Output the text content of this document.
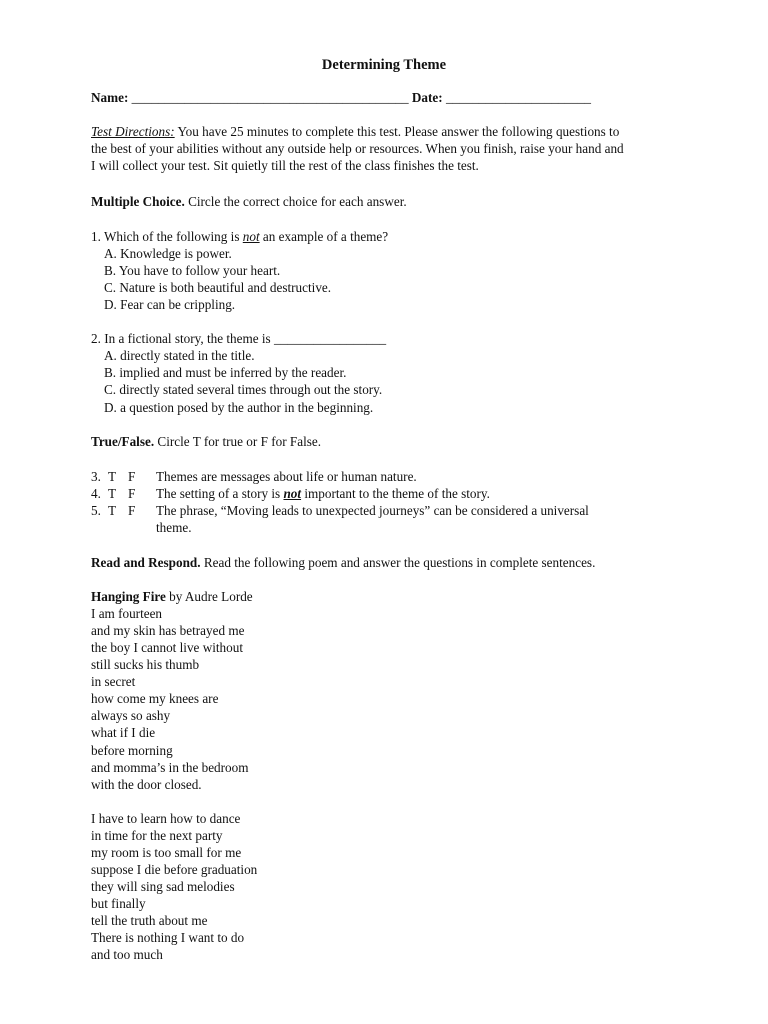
Determining Theme
Name: __________________________________________ Date: ______________________
Test Directions: You have 25 minutes to complete this test. Please answer the following questions to
the best of your abilities without any outside help or resources. When you finish, raise your hand and
I will collect your test. Sit quietly till the rest of the class finishes the test.
Multiple Choice. Circle the correct choice for each answer.
1. Which of the following is not an example of a theme?
A. Knowledge is power.
B. You have to follow your heart.
C. Nature is both beautiful and destructive.
D. Fear can be crippling.
2. In a fictional story, the theme is _________________
A. directly stated in the title.
B. implied and must be inferred by the reader.
C. directly stated several times through out the story.
D. a question posed by the author in the beginning.
True/False. Circle T for true or F for False.
3. T F Themes are messages about life or human nature.
4. T F The setting of a story is not important to the theme of the story.
5. T F The phrase, “Moving leads to unexpected journeys” can be considered a universal
theme.
Read and Respond. Read the following poem and answer the questions in complete sentences.
Hanging Fire by Audre Lorde
I am fourteen
and my skin has betrayed me
the boy I cannot live without
still sucks his thumb
in secret
how come my knees are
always so ashy
what if I die
before morning
and momma’s in the bedroom
with the door closed.
I have to learn how to dance
in time for the next party
my room is too small for me
suppose I die before graduation
they will sing sad melodies
but finally
tell the truth about me
There is nothing I want to do
and too much
